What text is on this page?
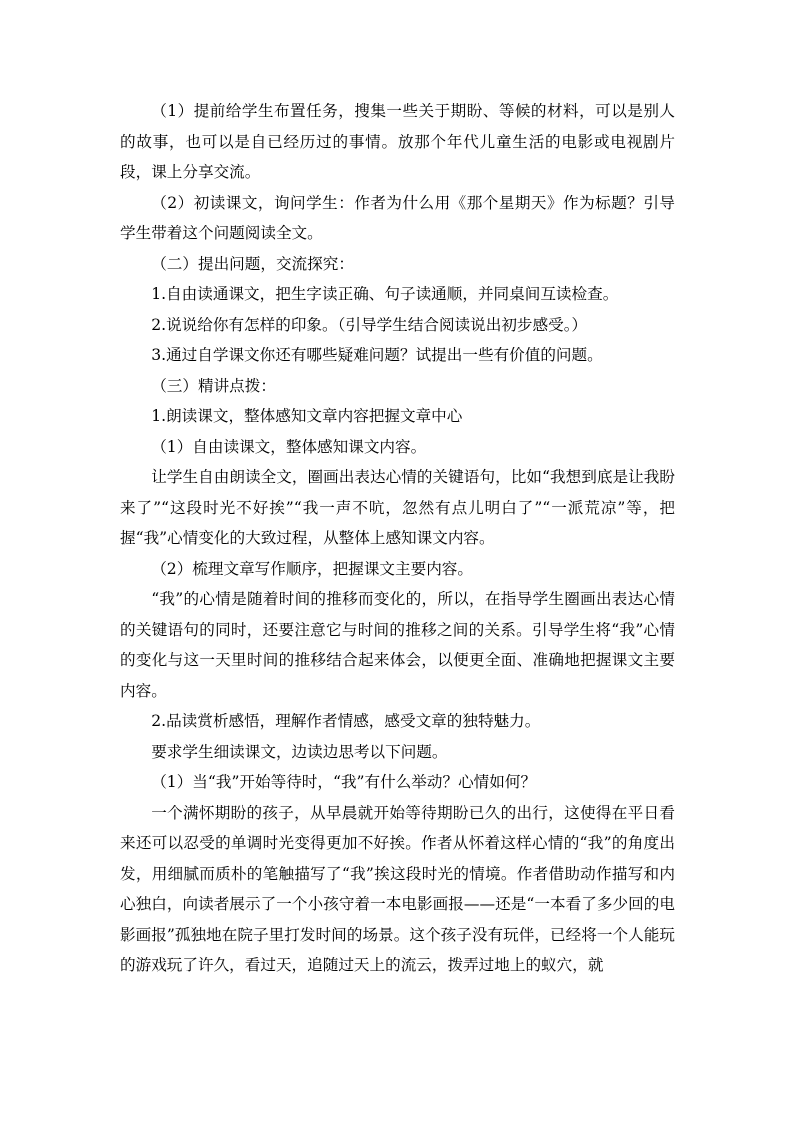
（1）提前给学生布置任务，搜集一些关于期盼、等候的材料，可以是别人的故事，也可以是自已经历过的事情。放那个年代儿童生活的电影或电视剧片段，课上分享交流。

（2）初读课文，询问学生：作者为什么用《那个星期天》作为标题？引导学生带着这个问题阅读全文。

（二）提出问题，交流探究：

1.自由读通课文，把生字读正确、句子读通顺，并同桌间互读检查。

2.说说给你有怎样的印象。（引导学生结合阅读说出初步感受。）

3.通过自学课文你还有哪些疑难问题？试提出一些有价值的问题。

（三）精讲点拨：

1.朗读课文，整体感知文章内容把握文章中心

（1）自由读课文，整体感知课文内容。

让学生自由朗读全文，圈画出表达心情的关键语句，比如“我想到底是让我盼来了”“这段时光不好挨”“我一声不吭，忽然有点儿明白了”“一派荒凉”等，把握“我”心情变化的大致过程，从整体上感知课文内容。

（2）梳理文章写作顺序，把握课文主要内容。

“我”的心情是随着时间的推移而变化的，所以，在指导学生圈画出表达心情的关键语句的同时，还要注意它与时间的推移之间的关系。引导学生将“我”心情的变化与这一天里时间的推移结合起来体会，以便更全面、准确地把握课文主要内容。

2.品读赏析感悟，理解作者情感，感受文章的独特魅力。

要求学生细读课文，边读边思考以下问题。

（1）当“我”开始等待时，“我”有什么举动？心情如何？

一个满怀期盼的孩子，从早晨就开始等待期盼已久的出行，这使得在平日看来还可以忍受的单调时光变得更加不好挨。作者从怀着这样心情的“我”的角度出发，用细腻而质朴的笔触描写了“我”挨这段时光的情境。作者借助动作描写和内心独白，向读者展示了一个小孩守着一本电影画报——还是“一本看了多少回的电影画报”孤独地在院子里打发时间的场景。这个孩子没有玩伴，已经将一个人能玩的游戏玩了许久，看过天，追随过天上的流云，拨弄过地上的蚁穴，就
